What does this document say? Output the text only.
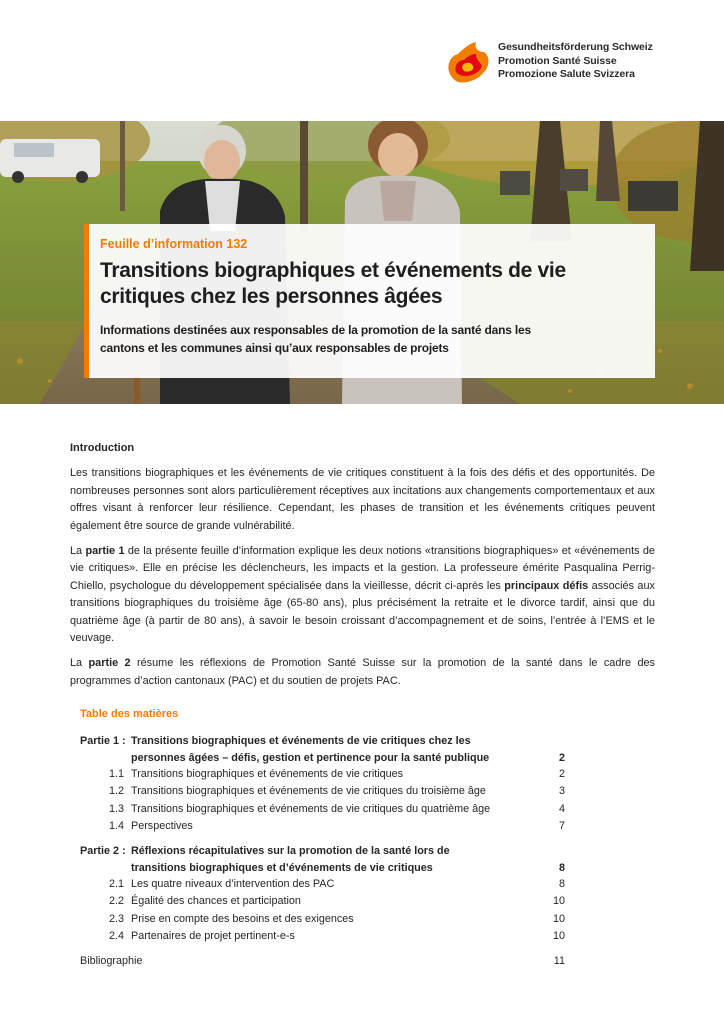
Gesundheitsförderung Schweiz
Promotion Santé Suisse
Promozione Salute Svizzera
Feuille d’information 132
Transitions biographiques et événements de vie
critiques chez les personnes âgées
Informations destinées aux responsables de la promotion de la santé dans les
cantons et les communes ainsi qu’aux responsables de projets
Introduction

Les transitions biographiques et les événements de vie critiques constituent à la fois des défis et des opportunités. De nombreuses personnes sont alors particulièrement réceptives aux incitations aux changements comportementaux et aux offres visant à renforcer leur résilience. Cependant, les phases de transition et les événements critiques peuvent également être source de grande vulnérabilité.

La partie 1 de la présente feuille d’information explique les deux notions «transitions biographiques» et «événements de vie critiques». Elle en précise les déclencheurs, les impacts et la gestion. La professeure émérite Pasqualina Perrig-Chiello, psychologue du développement spécialisée dans la vieillesse, décrit ci-après les principaux défis associés aux transitions biographiques du troisième âge (65-80 ans), plus précisément la retraite et le divorce tardif, ainsi que du quatrième âge (à partir de 80 ans), à savoir le besoin croissant d’accompagnement et de soins, l’entrée à l’EMS et le veuvage.

La partie 2 résume les réflexions de Promotion Santé Suisse sur la promotion de la santé dans le cadre des programmes d’action cantonaux (PAC) et du soutien de projets PAC.

Table des matières
Partie 1 : Transitions biographiques et événements de vie critiques chez les
personnes âgées – défis, gestion et pertinence pour la santé publique	2
1.1 Transitions biographiques et événements de vie critiques	2
1.2 Transitions biographiques et événements de vie critiques du troisième âge	3
1.3 Transitions biographiques et événements de vie critiques du quatrième âge	4
1.4 Perspectives	7
Partie 2 : Réflexions récapitulatives sur la promotion de la santé lors de
transitions biographiques et d’événements de vie critiques	8
2.1 Les quatre niveaux d’intervention des PAC	8
2.2 Égalité des chances et participation	10
2.3 Prise en compte des besoins et des exigences	10
2.4 Partenaires de projet pertinent-e-s	10
Bibliographie	11
